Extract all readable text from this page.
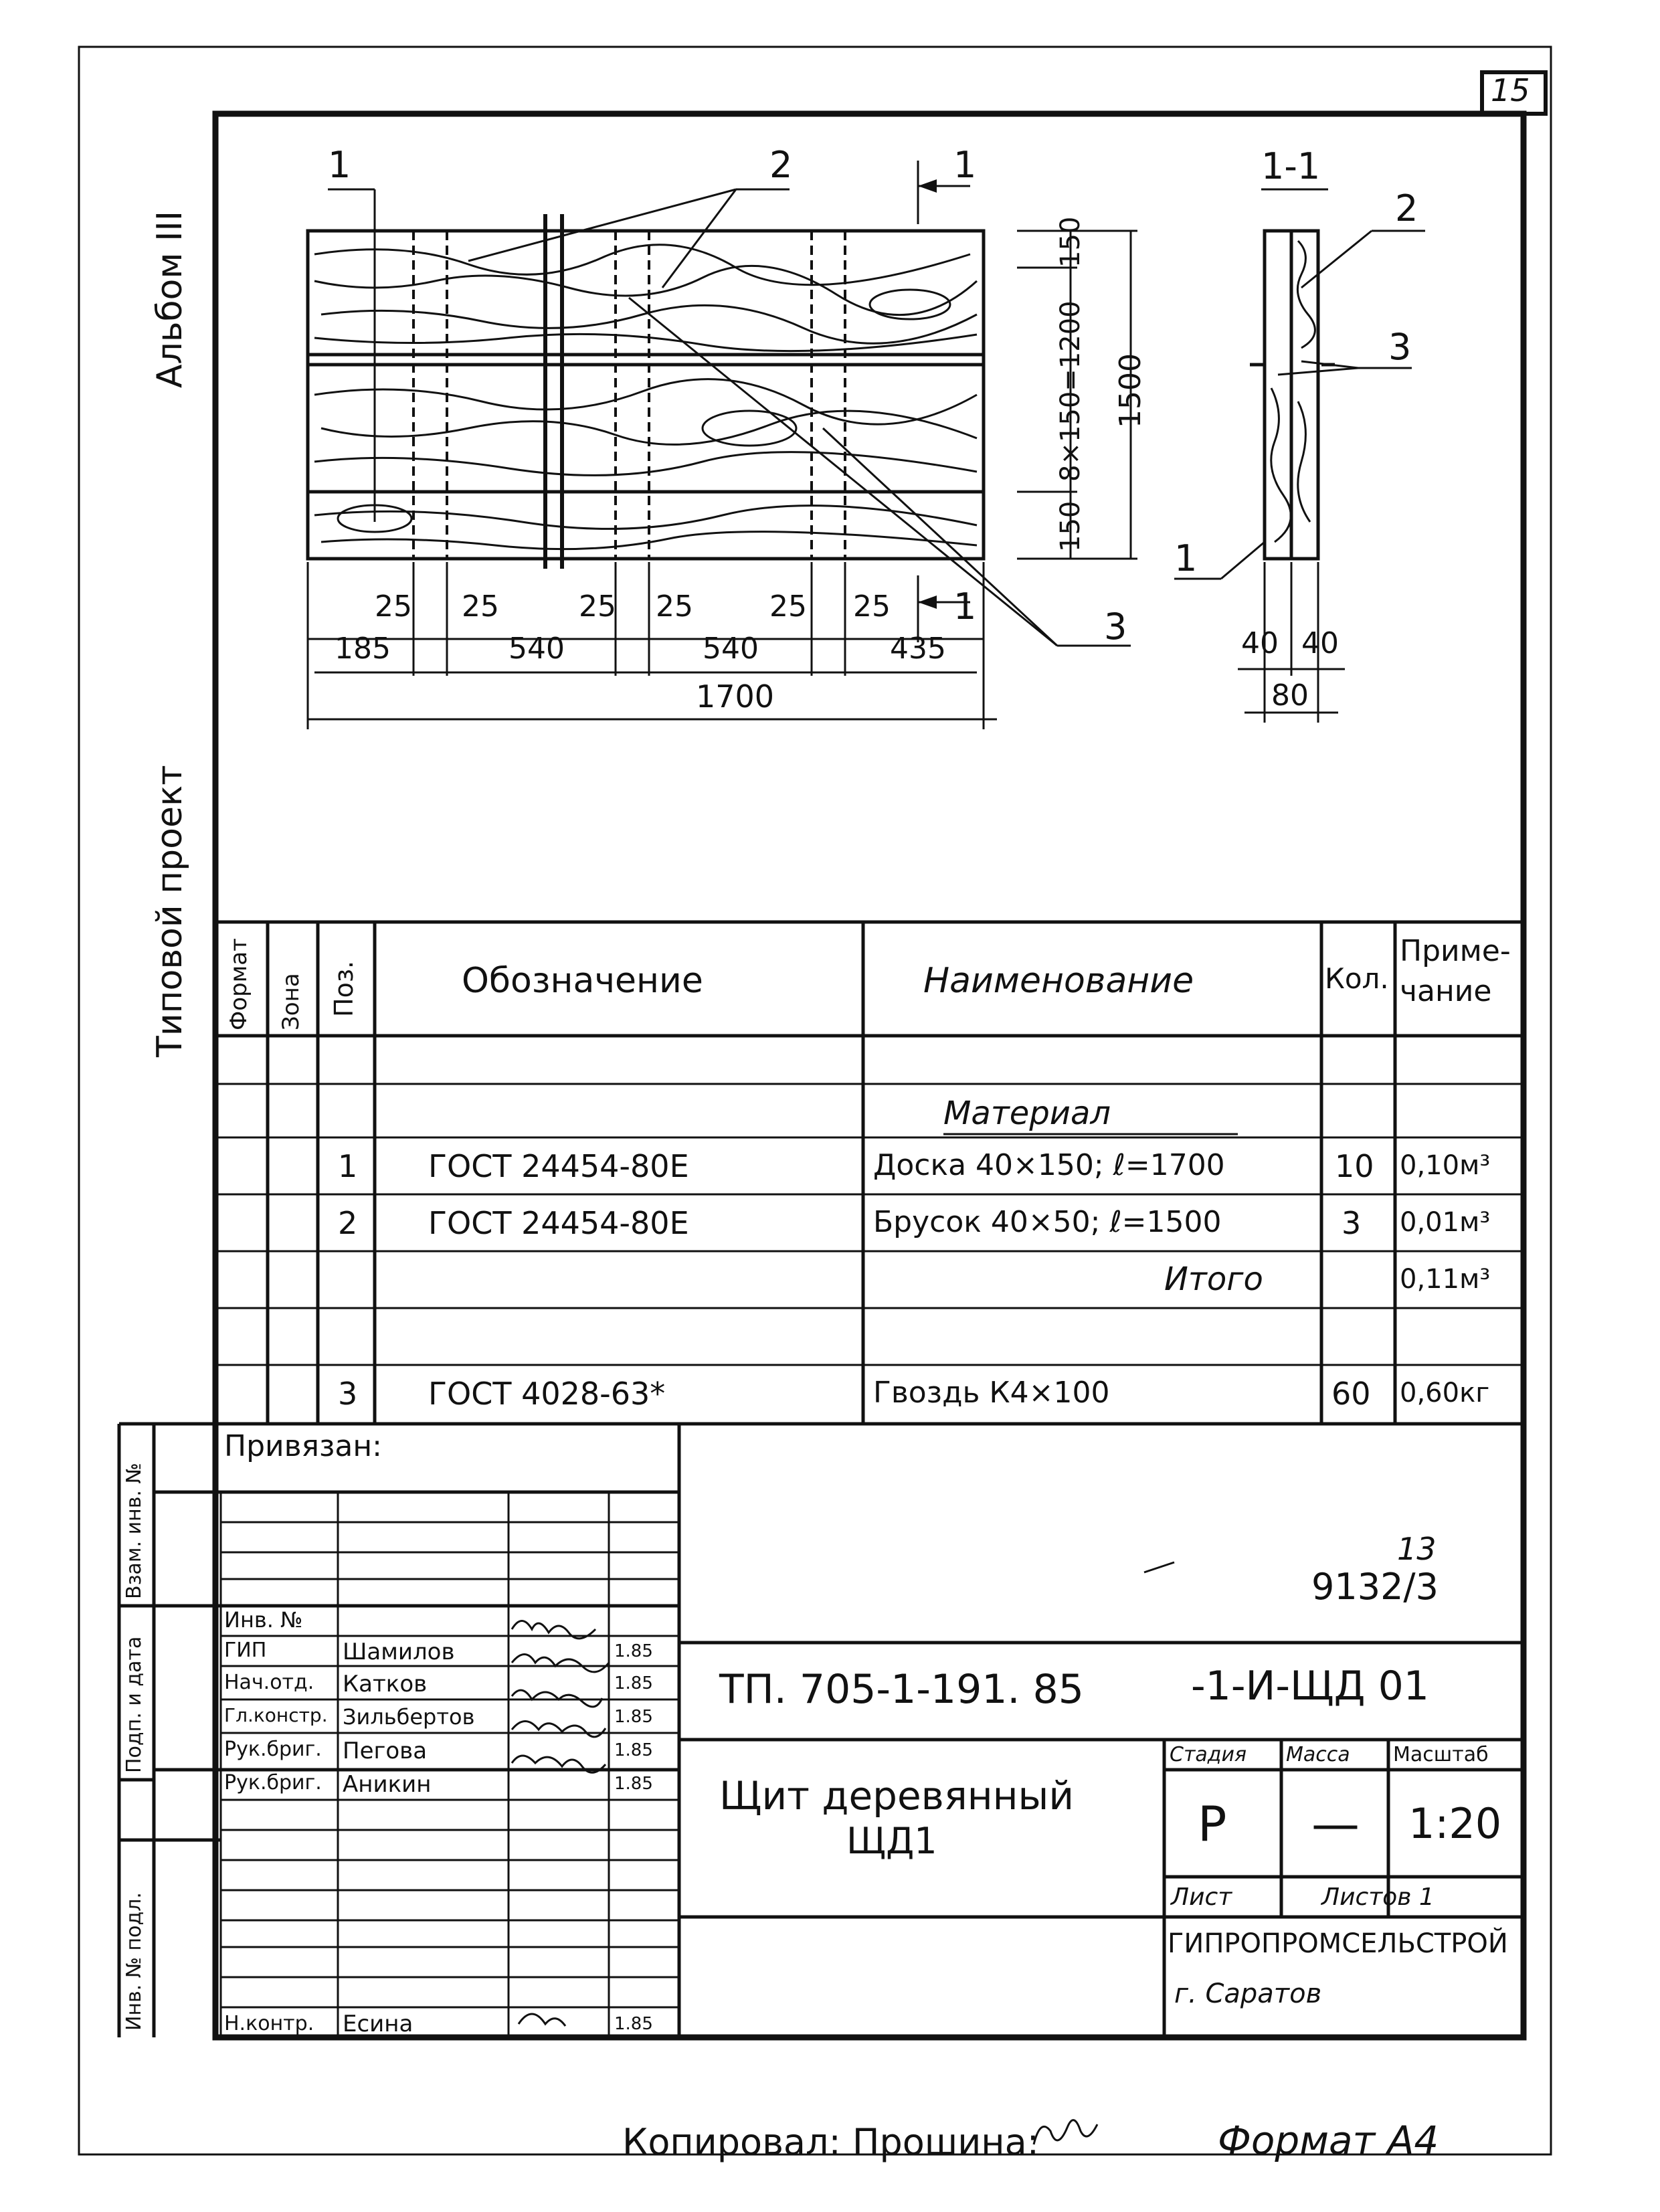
15
Альбом III
Типовой проект
1	2	1
1	3
1-1
2
3
1
25 25	25 25	25 25
185	540	540	435
1700
150
8×150=1200
150
1500
40 40
80
Формат Зона Поз.	Обозначение	Наименование	Кол.
Приме-
чание
Материал
1 ГОСТ 24454-80Е	Доска 40×150; ℓ=1700	10 0,10м³
2 ГОСТ 24454-80Е	Брусок 40×50; ℓ=1500	3 0,01м³
Итого	0,11м³
3 ГОСТ 4028-63*	Гвоздь К4×100	60 0,60кг
Привязан:
Взам. инв. №
Подп. и дата
Инв. № подл.
13
9132/3
Инв. №
ГИП	Шамилов	1.85
Нач.отд. Катков	1.85
Гл.констр. Зильбертов	1.85
Рук.бриг. Пегова	1.85
Рук.бриг. Аникин	1.85
Н.контр. Есина	1.85
ТП. 705-1-191. 85	-1-И-ЩД 01
Щит деревянный
ЩД1
Стадия Масса Масштаб
Р — 1:20
Лист	Листов 1
ГИПРОПРОМСЕЛЬСТРОЙ
г. Саратов
Копировал: Прошина:	Формат А4
